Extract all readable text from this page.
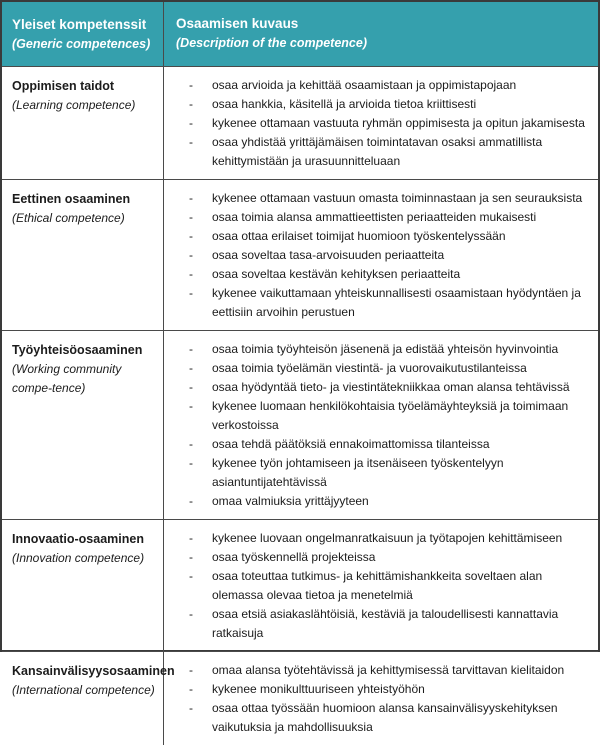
Yleiset kompetenssit
(Generic competences)
Osaamisen kuvaus
(Description of the competence)
Oppimisen taidot
(Learning competence)
- osaa arvioida ja kehittää osaamistaan ja oppimistapojaan
- osaa hankkia, käsitellä ja arvioida tietoa kriittisesti
- kykenee ottamaan vastuuta ryhmän oppimisesta ja opitun jakamisesta
- osaa yhdistää yrittäjämäisen toimintatavan osaksi ammatillista kehittymistään ja urasuunnitteluaan
Eettinen osaaminen
(Ethical competence)
- kykenee ottamaan vastuun omasta toiminnastaan ja sen seurauksista
- osaa toimia alansa ammattieettisten periaatteiden mukaisesti
- osaa ottaa erilaiset toimijat huomioon työskentelyssään
- osaa soveltaa tasa-arvoisuuden periaatteita
- osaa soveltaa kestävän kehityksen periaatteita
- kykenee vaikuttamaan yhteiskunnallisesti osaamistaan hyödyntäen ja eettisiin arvoihin perustuen
Työyhteisöosaaminen
(Working community compe-tence)
- osaa toimia työyhteisön jäsenenä ja edistää yhteisön hyvinvointia
- osaa toimia työelämän viestintä- ja vuorovaikutustilanteissa
- osaa hyödyntää tieto- ja viestintätekniikkaa oman alansa tehtävissä
- kykenee luomaan henkilökohtaisia työelämäyhteyksiä ja toimimaan verkostoissa
- osaa tehdä päätöksiä ennakoimattomissa tilanteissa
- kykenee työn johtamiseen ja itsenäiseen työskentelyyn asiantuntijatehtävissä
- omaa valmiuksia yrittäjyyteen
Innovaatio-osaaminen
(Innovation competence)
- kykenee luovaan ongelmanratkaisuun ja työtapojen kehittämiseen
- osaa työskennellä projekteissa
- osaa toteuttaa tutkimus- ja kehittämishankkeita soveltaen alan olemassa olevaa tietoa ja menetelmiä
- osaa etsiä asiakaslähtöisiä, kestäviä ja taloudellisesti kannattavia ratkaisuja
Kansainvälisyysosaaminen
(International competence)
- omaa alansa työtehtävissä ja kehittymisessä tarvittavan kielitaidon
- kykenee monikulttuuriseen yhteistyöhön
- osaa ottaa työssään huomioon alansa kansainvälisyyskehityksen vaikutuksia ja mahdollisuuksia
